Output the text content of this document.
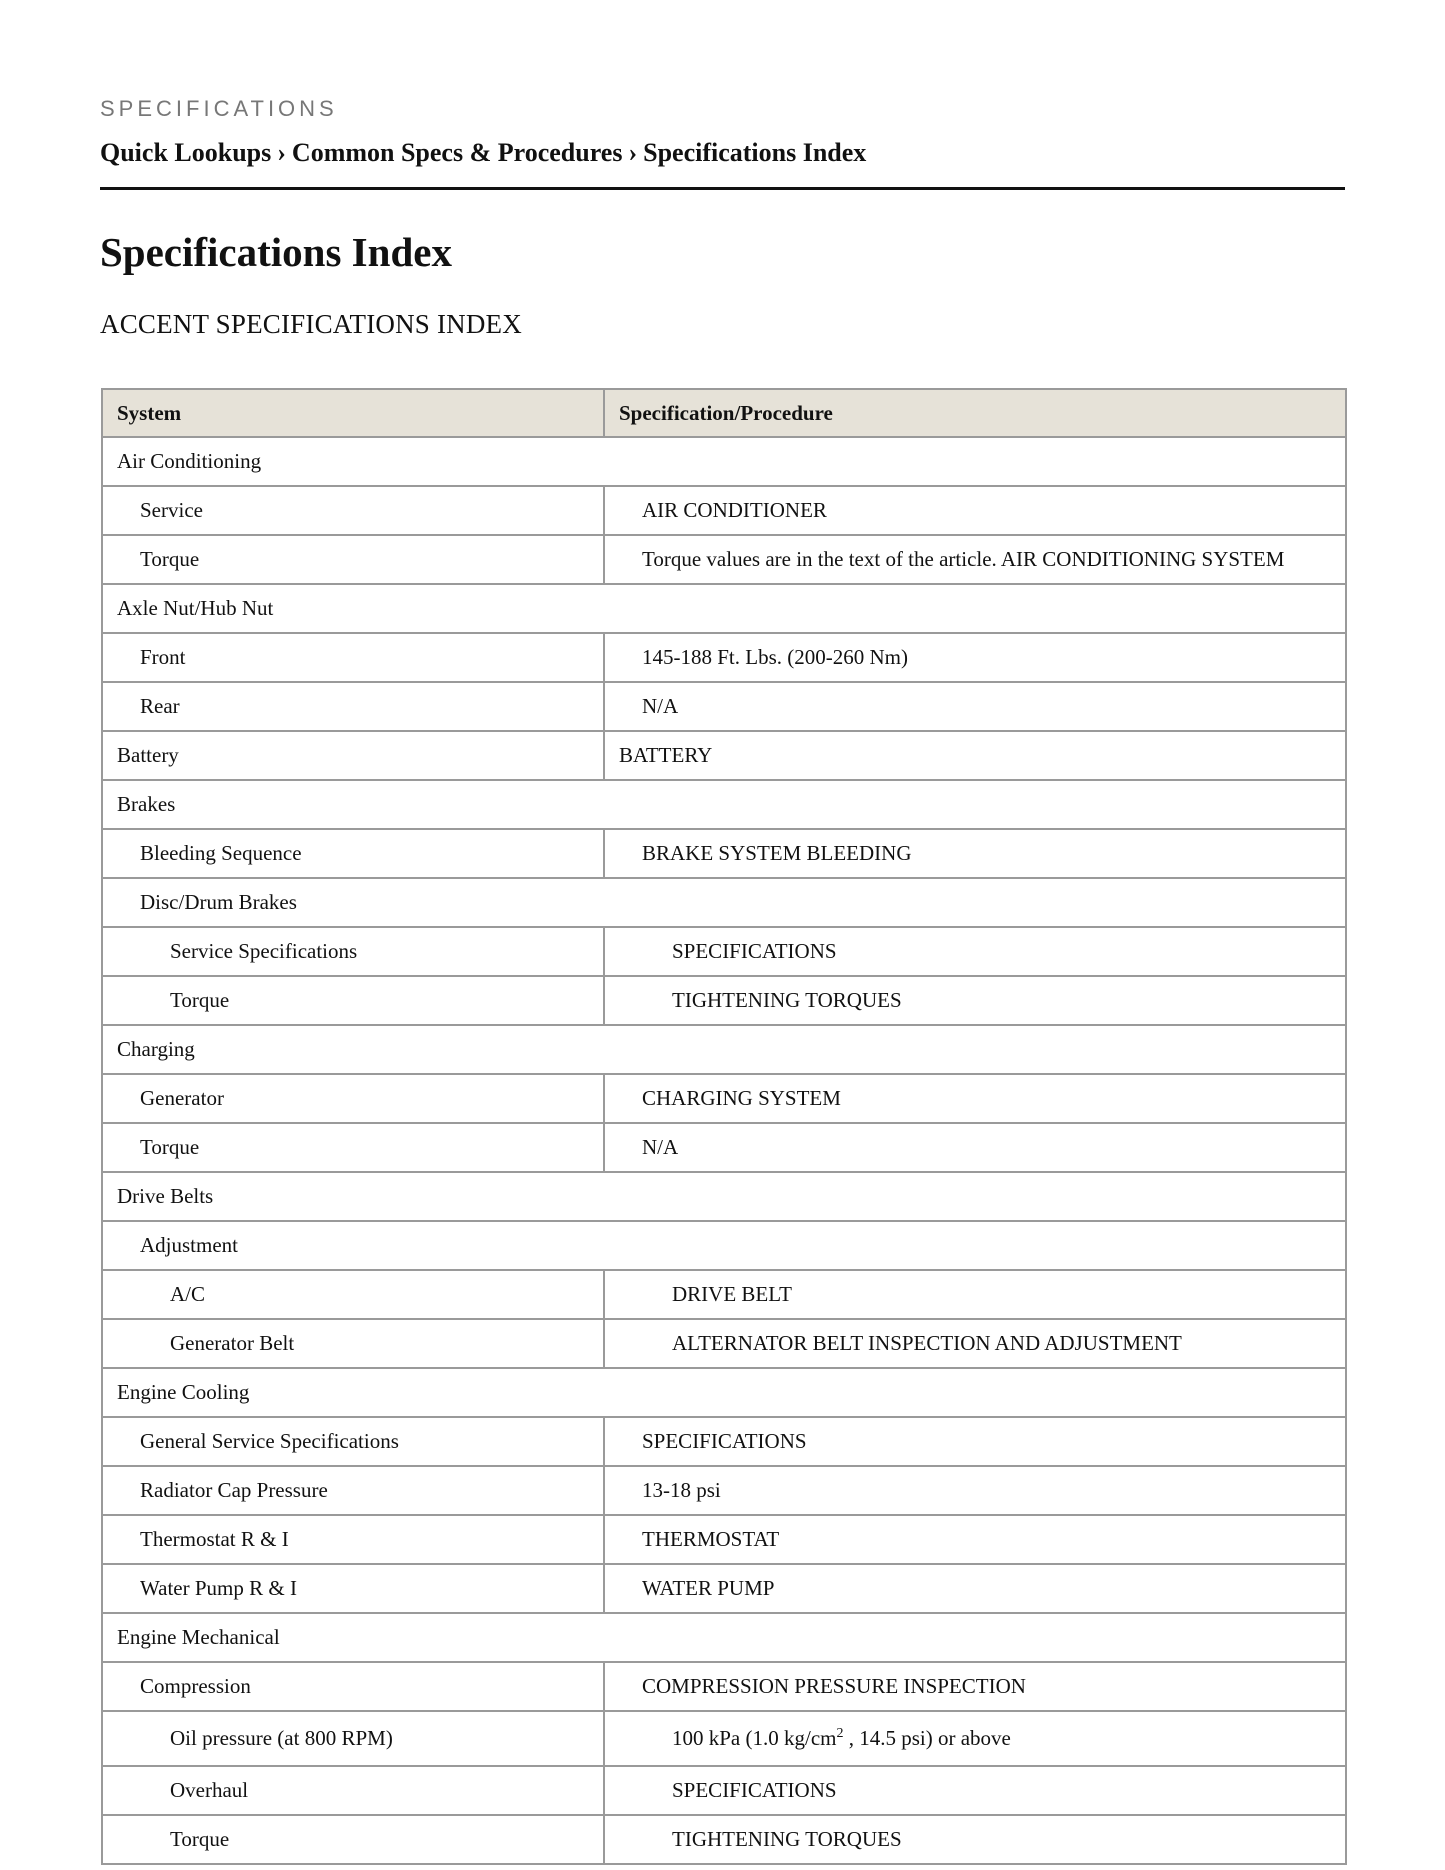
SPECIFICATIONS
Quick Lookups › Common Specs & Procedures › Specifications Index
Specifications Index
ACCENT SPECIFICATIONS INDEX
System	Specification/Procedure
Air Conditioning	
Service	AIR CONDITIONER
Torque	Torque values are in the text of the article. AIR CONDITIONING SYSTEM
Axle Nut/Hub Nut	
Front	145-188 Ft. Lbs. (200-260 Nm)
Rear	N/A
Battery	BATTERY
Brakes	
Bleeding Sequence	BRAKE SYSTEM BLEEDING
Disc/Drum Brakes	
Service Specifications	SPECIFICATIONS
Torque	TIGHTENING TORQUES
Charging	
Generator	CHARGING SYSTEM
Torque	N/A
Drive Belts	
Adjustment	
A/C	DRIVE BELT
Generator Belt	ALTERNATOR BELT INSPECTION AND ADJUSTMENT
Engine Cooling	
General Service Specifications	SPECIFICATIONS
Radiator Cap Pressure	13-18 psi
Thermostat R & I	THERMOSTAT
Water Pump R & I	WATER PUMP
Engine Mechanical	
Compression	COMPRESSION PRESSURE INSPECTION
Oil pressure (at 800 RPM)	100 kPa (1.0 $kg/cm^2$ , 14.5 psi) or above
Overhaul	SPECIFICATIONS
Torque	TIGHTENING TORQUES
